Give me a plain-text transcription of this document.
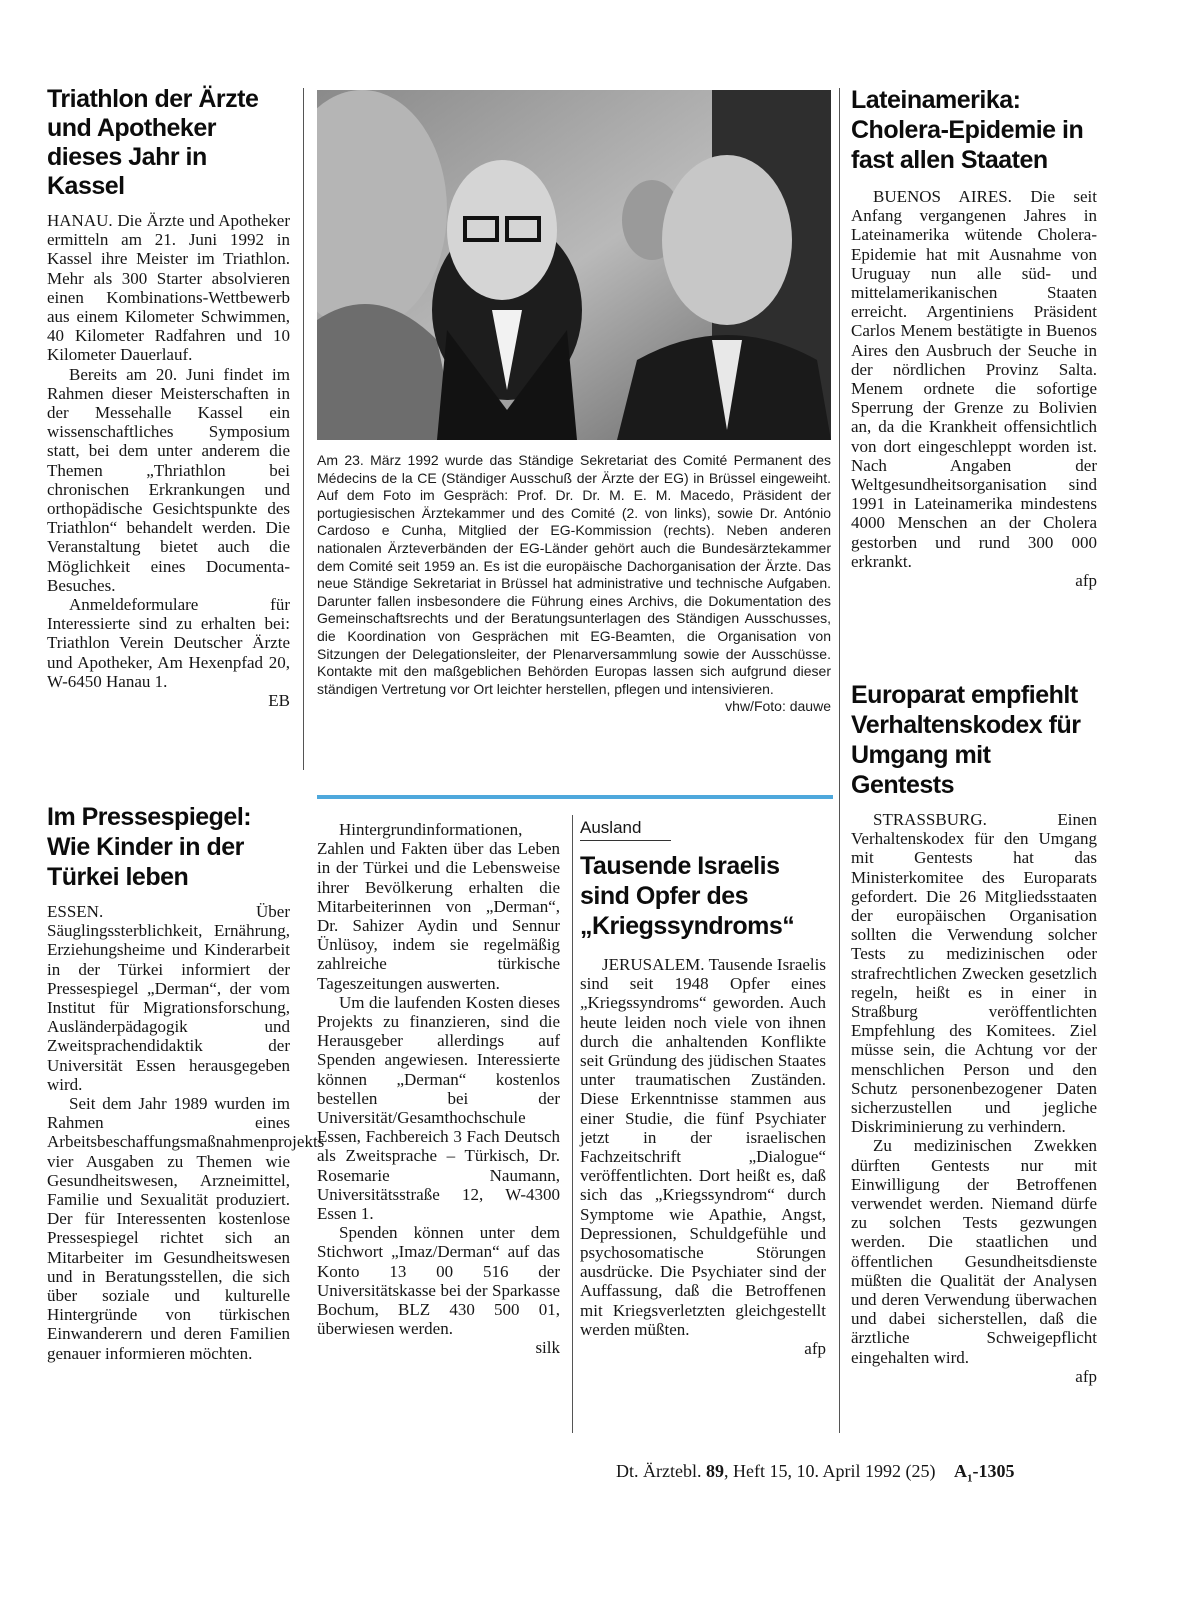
Triathlon der Ärzte und Apotheker dieses Jahr in Kassel

HANAU. Die Ärzte und Apotheker ermitteln am 21. Juni 1992 in Kassel ihre Meister im Triathlon. Mehr als 300 Starter absolvieren einen Kombinations-Wettbewerb aus einem Kilometer Schwimmen, 40 Kilometer Radfahren und 10 Kilometer Dauerlauf.

Bereits am 20. Juni findet im Rahmen dieser Meisterschaften in der Messehalle Kassel ein wissenschaftliches Symposium statt, bei dem unter anderem die Themen „Thriathlon bei chronischen Erkrankungen und orthopädische Gesichtspunkte des Triathlon“ behandelt werden. Die Veranstaltung bietet auch die Möglichkeit eines Documenta-Besuches.

Anmeldeformulare für Interessierte sind zu erhalten bei: Triathlon Verein Deutscher Ärzte und Apotheker, Am Hexenpfad 20, W-6450 Hanau 1.

EB
Im Pressespiegel: Wie Kinder in der Türkei leben

ESSEN. Über Säuglingssterblichkeit, Ernährung, Erziehungsheime und Kinderarbeit in der Türkei informiert der Pressespiegel „Derman“, der vom Institut für Migrationsforschung, Ausländerpädagogik und Zweitsprachendidaktik der Universität Essen herausgegeben wird.

Seit dem Jahr 1989 wurden im Rahmen eines Arbeitsbeschaffungsmaßnahmenprojekts vier Ausgaben zu Themen wie Gesundheitswesen, Arzneimittel, Familie und Sexualität produziert. Der für Interessenten kostenlose Pressespiegel richtet sich an Mitarbeiter im Gesundheitswesen und in Beratungsstellen, die sich über soziale und kulturelle Hintergründe von türkischen Einwanderern und deren Familien genauer informieren möchten.

Am 23. März 1992 wurde das Ständige Sekretariat des Comité Permanent des Médecins de la CE (Ständiger Ausschuß der Ärzte der EG) in Brüssel eingeweiht. Auf dem Foto im Gespräch: Prof. Dr. Dr. M. E. M. Macedo, Präsident der portugiesischen Ärztekammer und des Comité (2. von links), sowie Dr. António Cardoso e Cunha, Mitglied der EG-Kommission (rechts). Neben anderen nationalen Ärzteverbänden der EG-Länder gehört auch die Bundesärztekammer dem Comité seit 1959 an. Es ist die europäische Dachorganisation der Ärzte. Das neue Ständige Sekretariat in Brüssel hat administrative und technische Aufgaben. Darunter fallen insbesondere die Führung eines Archivs, die Dokumentation des Gemeinschaftsrechts und der Beratungsunterlagen des Ständigen Ausschusses, die Koordination von Gesprächen mit EG-Beamten, die Organisation von Sitzungen der Delegationsleiter, der Plenarversammlung sowie der Ausschüsse. Kontakte mit den maßgeblichen Behörden Europas lassen sich aufgrund dieser ständigen Vertretung vor Ort leichter herstellen, pflegen und intensivieren.
vhw/Foto: dauwe

Hintergrundinformationen, Zahlen und Fakten über das Leben in der Türkei und die Lebensweise ihrer Bevölkerung erhalten die Mitarbeiterinnen von „Derman“, Dr. Sahizer Aydin und Sennur Ünlüsoy, indem sie regelmäßig zahlreiche türkische Tageszeitungen auswerten.

Um die laufenden Kosten dieses Projekts zu finanzieren, sind die Herausgeber allerdings auf Spenden angewiesen. Interessierte können „Derman“ kostenlos bestellen bei der Universität/Gesamthochschule Essen, Fachbereich 3 Fach Deutsch als Zweitsprache – Türkisch, Dr. Rosemarie Naumann, Universitätsstraße 12, W-4300 Essen 1.

Spenden können unter dem Stichwort „Imaz/Derman“ auf das Konto 13 00 516 der Universitätskasse bei der Sparkasse Bochum, BLZ 430 500 01, überwiesen werden.

silk
Ausland
Tausende Israelis sind Opfer des „Kriegssyndroms“

JERUSALEM. Tausende Israelis sind seit 1948 Opfer eines „Kriegssyndroms“ geworden. Auch heute leiden noch viele von ihnen durch die anhaltenden Konflikte seit Gründung des jüdischen Staates unter traumatischen Zuständen. Diese Erkenntnisse stammen aus einer Studie, die fünf Psychiater jetzt in der israelischen Fachzeitschrift „Dialogue“ veröffentlichten. Dort heißt es, daß sich das „Kriegssyndrom“ durch Symptome wie Apathie, Angst, Depressionen, Schuldgefühle und psychosomatische Störungen ausdrücke. Die Psychiater sind der Auffassung, daß die Betroffenen mit Kriegsverletzten gleichgestellt werden müßten.

afp
Lateinamerika: Cholera-Epidemie in fast allen Staaten

BUENOS AIRES. Die seit Anfang vergangenen Jahres in Lateinamerika wütende Cholera-Epidemie hat mit Ausnahme von Uruguay nun alle süd- und mittelamerikanischen Staaten erreicht. Argentiniens Präsident Carlos Menem bestätigte in Buenos Aires den Ausbruch der Seuche in der nördlichen Provinz Salta. Menem ordnete die sofortige Sperrung der Grenze zu Bolivien an, da die Krankheit offensichtlich von dort eingeschleppt worden ist. Nach Angaben der Weltgesundheitsorganisation sind 1991 in Lateinamerika mindestens 4000 Menschen an der Cholera gestorben und rund 300 000 erkrankt.

afp
Europarat empfiehlt Verhaltenskodex für Umgang mit Gentests

STRASSBURG. Einen Verhaltenskodex für den Umgang mit Gentests hat das Ministerkomitee des Europarats gefordert. Die 26 Mitgliedsstaaten der europäischen Organisation sollten die Verwendung solcher Tests zu medizinischen oder strafrechtlichen Zwecken gesetzlich regeln, heißt es in einer in Straßburg veröffentlichten Empfehlung des Komitees. Ziel müsse sein, die Achtung vor der menschlichen Person und den Schutz personenbezogener Daten sicherzustellen und jegliche Diskriminierung zu verhindern.

Zu medizinischen Zwekken dürften Gentests nur mit Einwilligung der Betroffenen verwendet werden. Niemand dürfe zu solchen Tests gezwungen werden. Die staatlichen und öffentlichen Gesundheitsdienste müßten die Qualität der Analysen und deren Verwendung überwachen und dabei sicherstellen, daß die ärztliche Schweigepflicht eingehalten wird.

afp
Dt. Ärztebl. 89, Heft 15, 10. April 1992 (25) $A_1-1305$
